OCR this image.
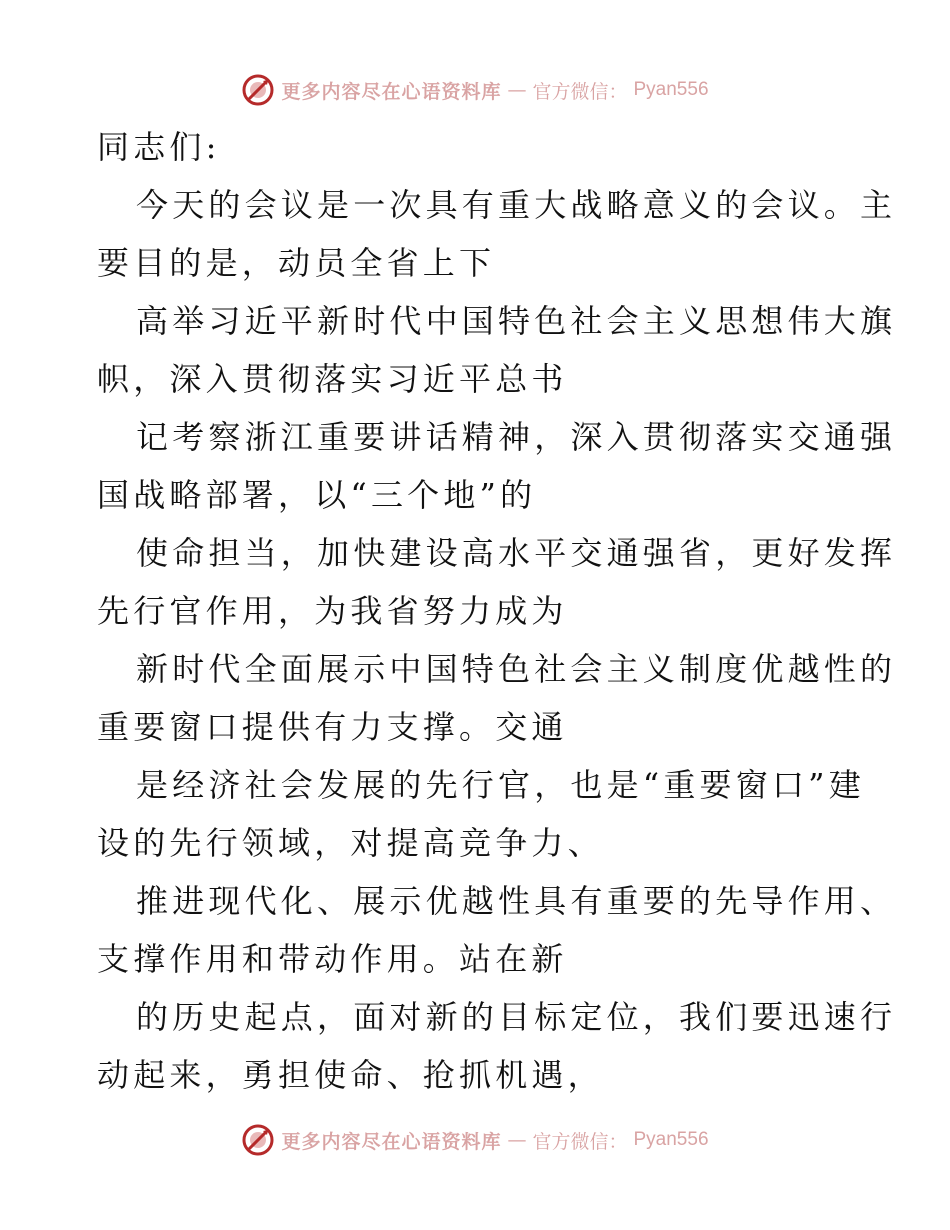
更多内容尽在心语资料库 — 官方微信： Pyan556
同志们:
今天的会议是一次具有重大战略意义的会议。主
要目的是，动员全省上下
高举习近平新时代中国特色社会主义思想伟大旗
帜，深入贯彻落实习近平总书
记考察浙江重要讲话精神，深入贯彻落实交通强
国战略部署，以“三个地”的
使命担当，加快建设高水平交通强省，更好发挥
先行官作用，为我省努力成为
新时代全面展示中国特色社会主义制度优越性的
重要窗口提供有力支撑。交通
是经济社会发展的先行官，也是“重要窗口”建
设的先行领域，对提高竞争力、
推进现代化、展示优越性具有重要的先导作用、
支撑作用和带动作用。站在新
的历史起点，面对新的目标定位，我们要迅速行
动起来，勇担使命、抢抓机遇，
更多内容尽在心语资料库 — 官方微信： Pyan556
